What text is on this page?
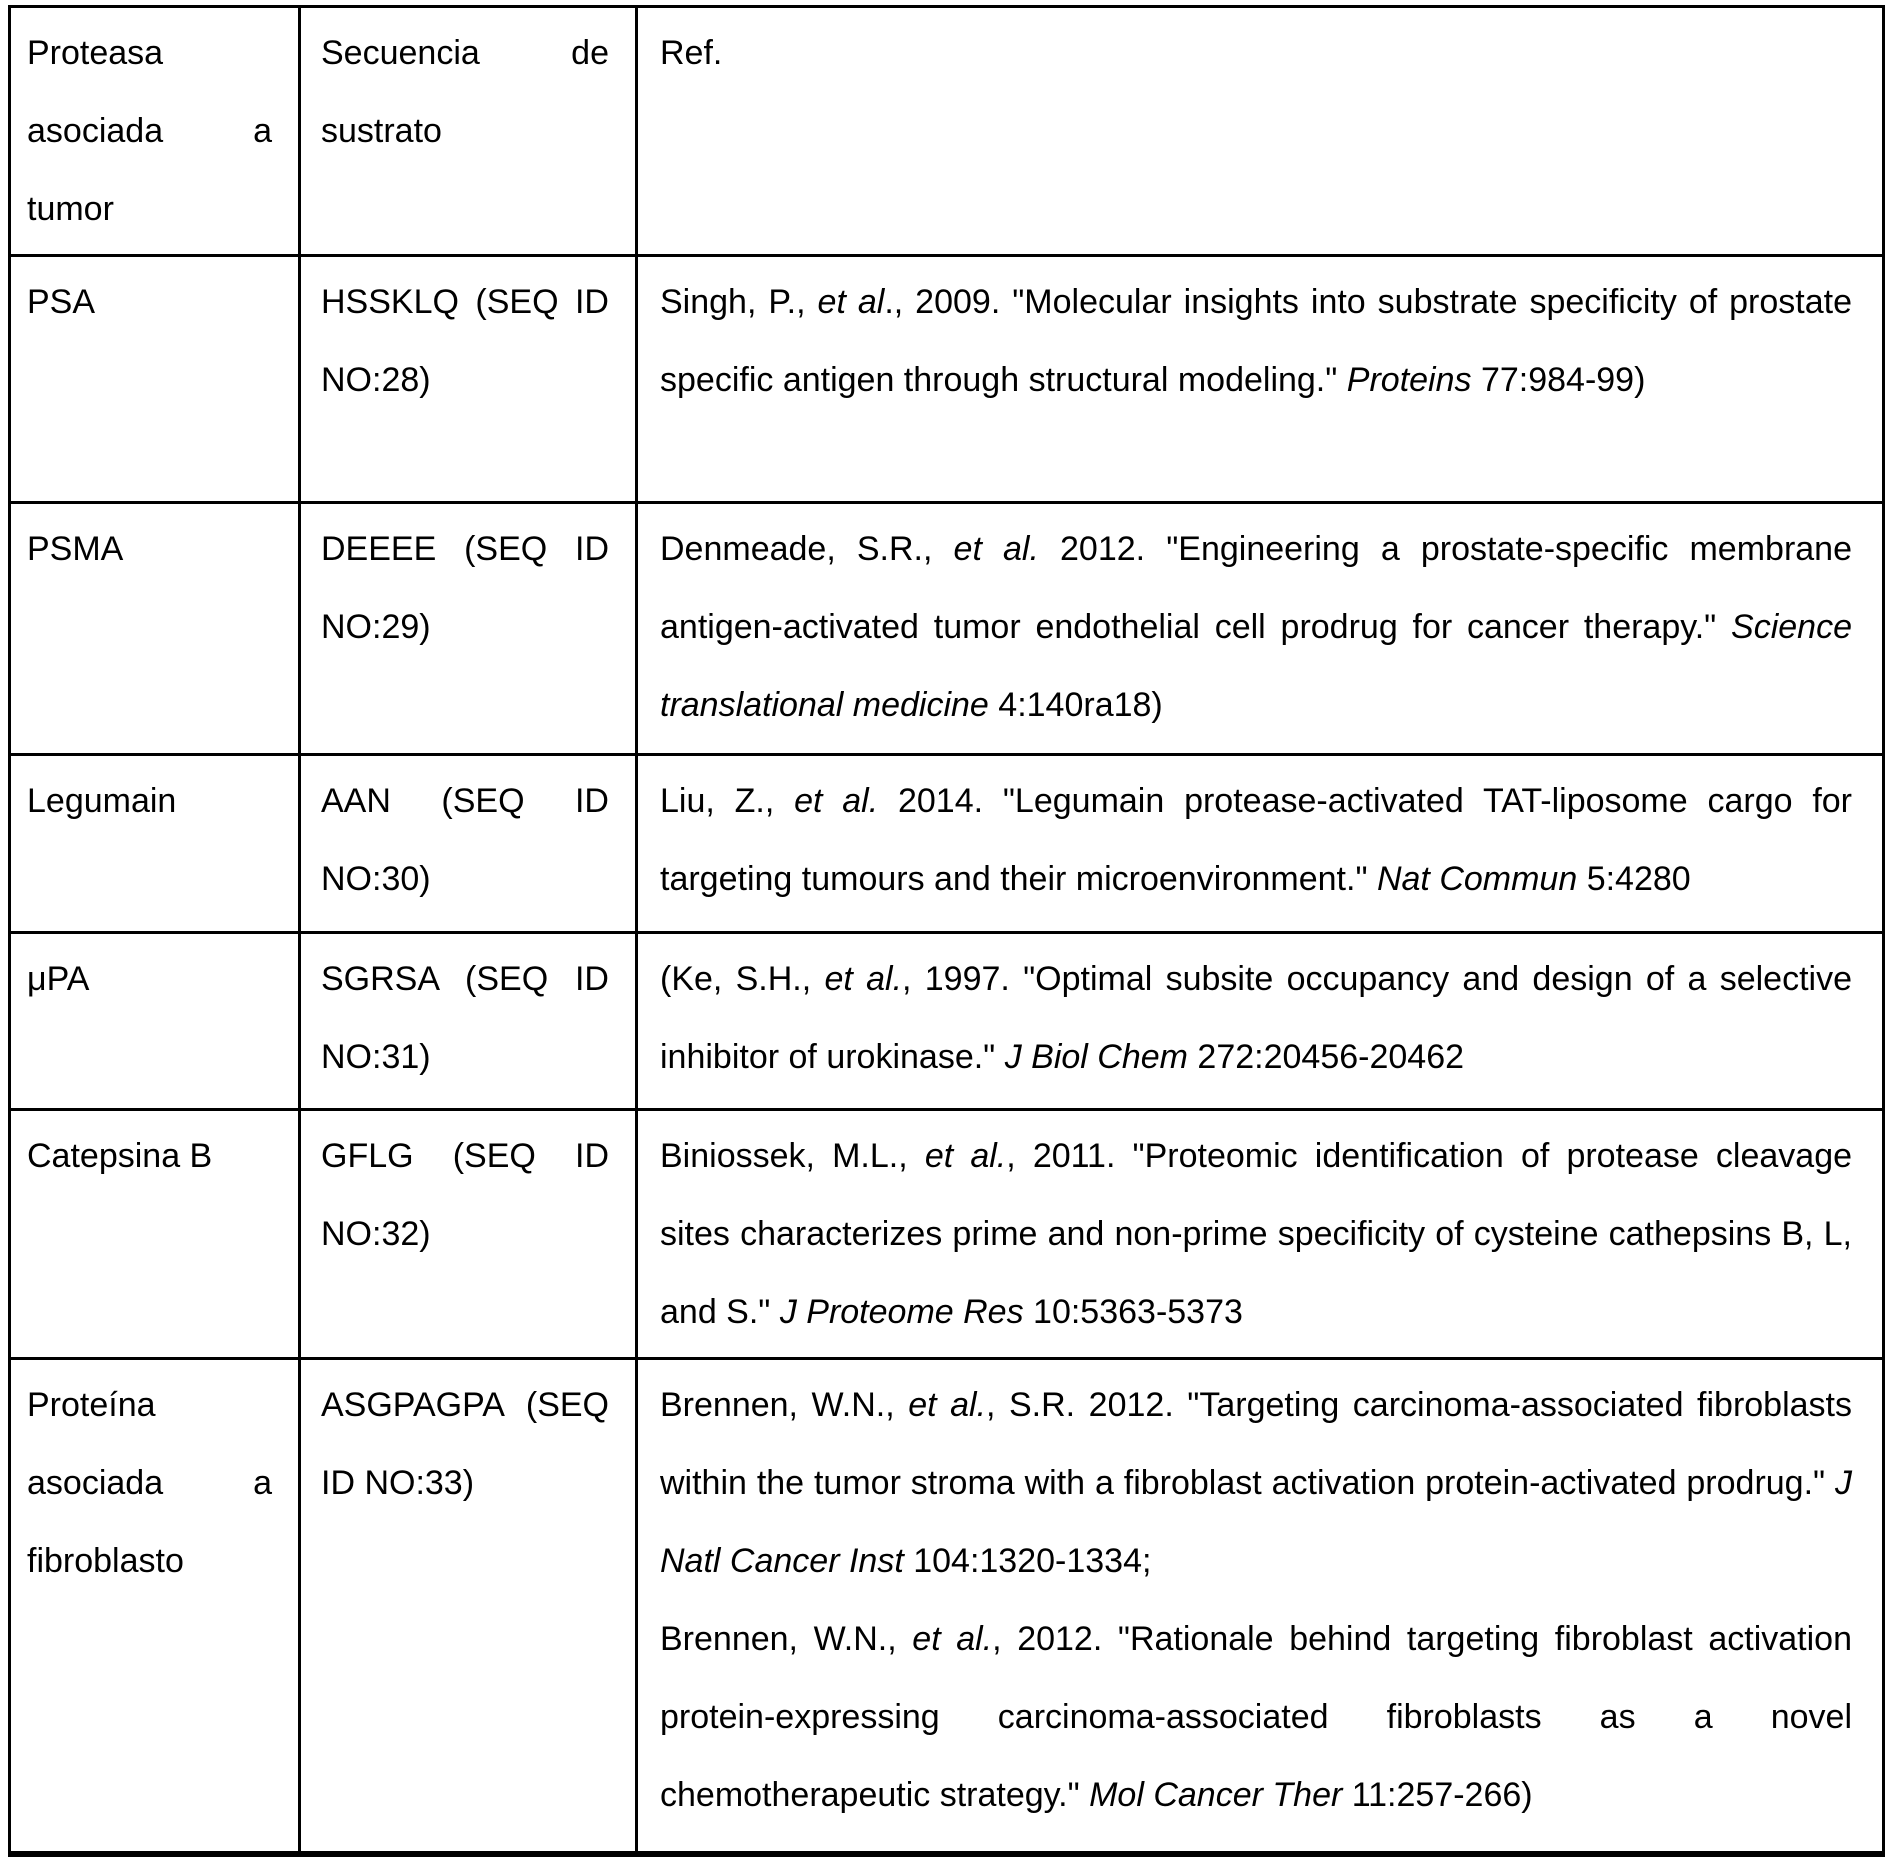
Proteasa asociada a tumor	Secuencia de sustrato	Ref.
PSA	HSSKLQ (SEQ ID NO:28)	Singh, P., et al., 2009. "Molecular insights into substrate specificity of prostate specific antigen through structural modeling." Proteins 77:984-99)

PSMA	DEEEE (SEQ ID NO:29)	Denmeade, S.R., et al. 2012. "Engineering a prostate-specific membrane antigen-activated tumor endothelial cell prodrug for cancer therapy." Science translational medicine 4:140ra18)

Legumain	AAN (SEQ ID NO:30)	Liu, Z., et al. 2014. "Legumain protease-activated TAT-liposome cargo for targeting tumours and their microenvironment." Nat Commun 5:4280

μPA	SGRSA (SEQ ID NO:31)	(Ke, S.H., et al., 1997. "Optimal subsite occupancy and design of a selective inhibitor of urokinase." J Biol Chem 272:20456-20462

Catepsina B	GFLG (SEQ ID NO:32)	Biniossek, M.L., et al., 2011. "Proteomic identification of protease cleavage sites characterizes prime and non-prime specificity of cysteine cathepsins B, L, and S." J Proteome Res 10:5363-5373

Proteína asociada a fibroblasto	ASGPAGPA (SEQ ID NO:33)	Brennen, W.N., et al., S.R. 2012. "Targeting carcinoma-associated fibroblasts within the tumor stroma with a fibroblast activation protein-activated prodrug." J Natl Cancer Inst 104:1320-1334;

Brennen, W.N., et al., 2012. "Rationale behind targeting fibroblast activation protein-expressing carcinoma-associated fibroblasts as a novel chemotherapeutic strategy." Mol Cancer Ther 11:257-266)
